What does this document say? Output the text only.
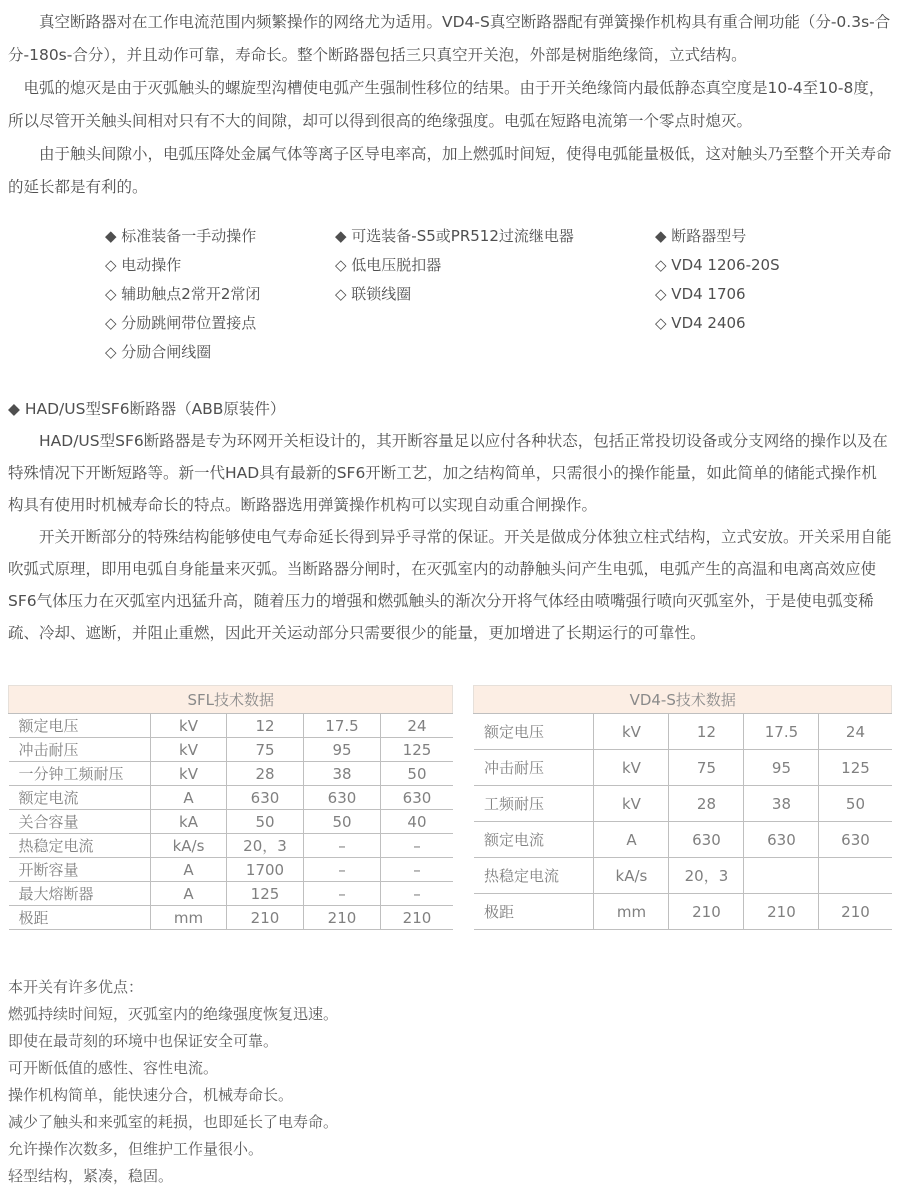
真空断路器对在工作电流范围内频繁操作的网络尤为适用。VD4-S真空断路器配有弹簧操作机构具有重合闸功能（分-0.3s-合分-180s-合分），并且动作可靠，寿命长。整个断路器包括三只真空开关泡，外部是树脂绝缘筒，立式结构。

电弧的熄灭是由于灭弧触头的螺旋型沟槽使电弧产生强制性移位的结果。由于开关绝缘筒内最低静态真空度是10-4至10-8度，所以尽管开关触头间相对只有不大的间隙，却可以得到很高的绝缘强度。电弧在短路电流第一个零点时熄灭。

由于触头间隙小，电弧压降处金属气体等离子区导电率高，加上燃弧时间短，使得电弧能量极低，这对触头乃至整个开关寿命的延长都是有利的。

◆ 标准装备一手动操作
◇ 电动操作
◇ 辅助触点2常开2常闭
◇ 分励跳闸带位置接点
◇ 分励合闸线圈
◆ 可选装备-S5或PR512过流继电器
◇ 低电压脱扣器
◇ 联锁线圈
◆ 断路器型号
◇ VD4 1206-20S
◇ VD4 1706
◇ VD4 2406
◆ HAD/US型SF6断路器（ABB原装件）

HAD/US型SF6断路器是专为环网开关柜设计的，其开断容量足以应付各种状态，包括正常投切设备或分支网络的操作以及在特殊情况下开断短路等。新一代HAD具有最新的SF6开断工艺，加之结构简单，只需很小的操作能量，如此简单的储能式操作机构具有使用时机械寿命长的特点。断路器选用弹簧操作机构可以实现自动重合闸操作。

开关开断部分的特殊结构能够使电气寿命延长得到异乎寻常的保证。开关是做成分体独立柱式结构，立式安放。开关采用自能吹弧式原理，即用电弧自身能量来灭弧。当断路器分闸时，在灭弧室内的动静触头问产生电弧，电弧产生的高温和电离高效应使SF6气体压力在灭弧室内迅猛升高，随着压力的增强和燃弧触头的渐次分开将气体经由喷嘴强行喷向灭弧室外，于是使电弧变稀疏、冷却、遮断，并阻止重燃，因此开关运动部分只需要很少的能量，更加增进了长期运行的可靠性。

SFL技术数据				
额定电压	kV	12	17.5	24
冲击耐压	kV	75	95	125
一分钟工频耐压	kV	28	38	50
额定电流	A	630	630	630
关合容量	kA	50	50	40
热稳定电流	kA/s	20，3	–	–
开断容量	A	1700	–	–
最大熔断器	A	125	–	–
极距	mm	210	210	210
VD4-S技术数据				
额定电压	kV	12	17.5	24
冲击耐压	kV	75	95	125
工频耐压	kV	28	38	50
额定电流	A	630	630	630
热稳定电流	kA/s	20，3		
极距	mm	210	210	210
本开关有许多优点：
燃弧持续时间短，灭弧室内的绝缘强度恢复迅速。
即使在最苛刻的环境中也保证安全可靠。
可开断低值的感性、容性电流。
操作机构简单，能快速分合，机械寿命长。
减少了触头和来弧室的耗损，也即延长了电寿命。
允许操作次数多，但维护工作量很小。
轻型结构，紧凑，稳固。
